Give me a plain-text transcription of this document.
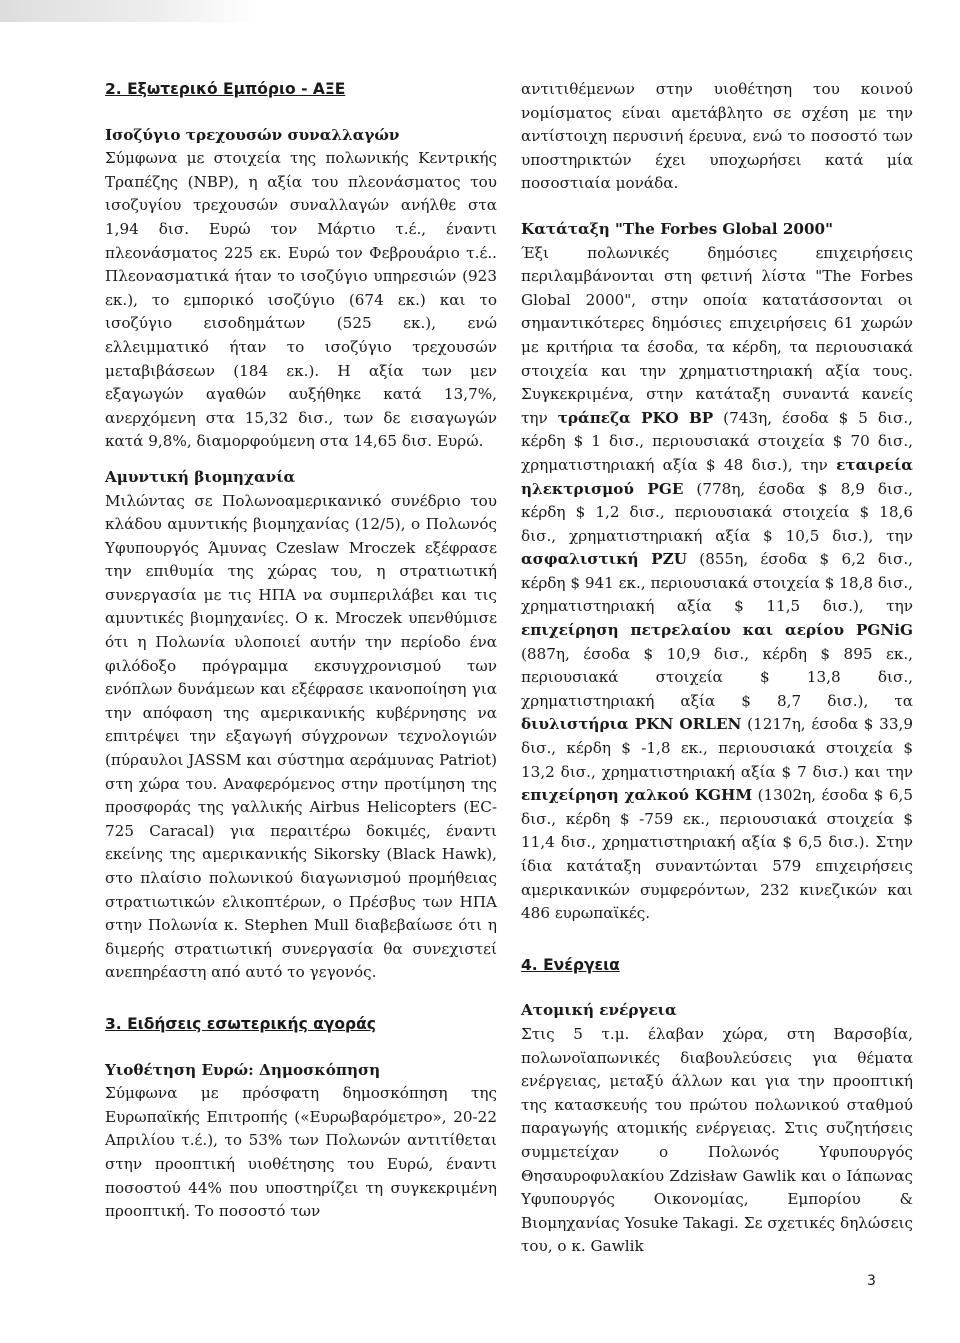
2. Εξωτερικό Εμπόριο - ΑΞΕ

Ισοζύγιο τρεχουσών συναλλαγών

Σύμφωνα με στοιχεία της πολωνικής Κεντρικής Τραπέζης (NBP), η αξία του πλεονάσματος του ισοζυγίου τρεχουσών συναλλαγών ανήλθε στα 1,94 δισ. Ευρώ τον Μάρτιο τ.έ., έναντι πλεονάσματος 225 εκ. Ευρώ τον Φεβρουάριο τ.έ.. Πλεονασματικά ήταν το ισοζύγιο υπηρεσιών (923 εκ.), το εμπορικό ισοζύγιο (674 εκ.) και το ισοζύγιο εισοδημάτων (525 εκ.), ενώ ελλειμματικό ήταν το ισοζύγιο τρεχουσών μεταβιβάσεων (184 εκ.). Η αξία των μεν εξαγωγών αγαθών αυξήθηκε κατά 13,7%, ανερχόμενη στα 15,32 δισ., των δε εισαγωγών κατά 9,8%, διαμορφούμενη στα 14,65 δισ. Ευρώ.

Αμυντική βιομηχανία

Μιλώντας σε Πολωνοαμερικανικό συνέδριο του κλάδου αμυντικής βιομηχανίας (12/5), ο Πολωνός Υφυπουργός Άμυνας Czeslaw Mroczek εξέφρασε την επιθυμία της χώρας του, η στρατιωτική συνεργασία με τις ΗΠΑ να συμπεριλάβει και τις αμυντικές βιομηχανίες. Ο κ. Mroczek υπενθύμισε ότι η Πολωνία υλοποιεί αυτήν την περίοδο ένα φιλόδοξο πρόγραμμα εκσυγχρονισμού των ενόπλων δυνάμεων και εξέφρασε ικανοποίηση για την απόφαση της αμερικανικής κυβέρνησης να επιτρέψει την εξαγωγή σύγχρονων τεχνολογιών (πύραυλοι JASSM και σύστημα αεράμυνας Patriot) στη χώρα του. Αναφερόμενος στην προτίμηση της προσφοράς της γαλλικής Airbus Helicopters (EC-725 Caracal) για περαιτέρω δοκιμές, έναντι εκείνης της αμερικανικής Sikorsky (Black Hawk), στο πλαίσιο πολωνικού διαγωνισμού προμήθειας στρατιωτικών ελικοπτέρων, ο Πρέσβυς των ΗΠΑ στην Πολωνία κ. Stephen Mull διαβεβαίωσε ότι η διμερής στρατιωτική συνεργασία θα συνεχιστεί ανεπηρέαστη από αυτό το γεγονός.

3. Ειδήσεις εσωτερικής αγοράς

Υιοθέτηση Ευρώ: Δημοσκόπηση

Σύμφωνα με πρόσφατη δημοσκόπηση της Ευρωπαϊκής Επιτροπής («Ευρωβαρόμετρο», 20-22 Απριλίου τ.έ.), το 53% των Πολωνών αντιτίθεται στην προοπτική υιοθέτησης του Ευρώ, έναντι ποσοστού 44% που υποστηρίζει τη συγκεκριμένη προοπτική. Το ποσοστό των

αντιτιθέμενων στην υιοθέτηση του κοινού νομίσματος είναι αμετάβλητο σε σχέση με την αντίστοιχη περυσινή έρευνα, ενώ το ποσοστό των υποστηρικτών έχει υποχωρήσει κατά μία ποσοστιαία μονάδα.

Κατάταξη "The Forbes Global 2000"

Έξι πολωνικές δημόσιες επιχειρήσεις περιλαμβάνονται στη φετινή λίστα "The Forbes Global 2000", στην οποία κατατάσσονται οι σημαντικότερες δημόσιες επιχειρήσεις 61 χωρών με κριτήρια τα έσοδα, τα κέρδη, τα περιουσιακά στοιχεία και την χρηματιστηριακή αξία τους. Συγκεκριμένα, στην κατάταξη συναντά κανείς την τράπεζα PKO BP (743η, έσοδα $ 5 δισ., κέρδη $ 1 δισ., περιουσιακά στοιχεία $ 70 δισ., χρηματιστηριακή αξία $ 48 δισ.), την εταιρεία ηλεκτρισμού PGE (778η, έσοδα $ 8,9 δισ., κέρδη $ 1,2 δισ., περιουσιακά στοιχεία $ 18,6 δισ., χρηματιστηριακή αξία $ 10,5 δισ.), την ασφαλιστική PZU (855η, έσοδα $ 6,2 δισ., κέρδη $ 941 εκ., περιουσιακά στοιχεία $ 18,8 δισ., χρηματιστηριακή αξία $ 11,5 δισ.), την επιχείρηση πετρελαίου και αερίου PGNiG (887η, έσοδα $ 10,9 δισ., κέρδη $ 895 εκ., περιουσιακά στοιχεία $ 13,8 δισ., χρηματιστηριακή αξία $ 8,7 δισ.), τα διυλιστήρια PKN ORLEN (1217η, έσοδα $ 33,9 δισ., κέρδη $ -1,8 εκ., περιουσιακά στοιχεία $ 13,2 δισ., χρηματιστηριακή αξία $ 7 δισ.) και την επιχείρηση χαλκού KGHM (1302η, έσοδα $ 6,5 δισ., κέρδη $ -759 εκ., περιουσιακά στοιχεία $ 11,4 δισ., χρηματιστηριακή αξία $ 6,5 δισ.). Στην ίδια κατάταξη συναντώνται 579 επιχειρήσεις αμερικανικών συμφερόντων, 232 κινεζικών και 486 ευρωπαϊκές.

4. Ενέργεια

Ατομική ενέργεια

Στις 5 τ.μ. έλαβαν χώρα, στη Βαρσοβία, πολωνοϊαπωνικές διαβουλεύσεις για θέματα ενέργειας, μεταξύ άλλων και για την προοπτική της κατασκευής του πρώτου πολωνικού σταθμού παραγωγής ατομικής ενέργειας. Στις συζητήσεις συμμετείχαν ο Πολωνός Υφυπουργός Θησαυροφυλακίου Zdzisław Gawlik και ο Ιάπωνας Υφυπουργός Οικονομίας, Εμπορίου & Βιομηχανίας Yosuke Takagi. Σε σχετικές δηλώσεις του, ο κ. Gawlik

3
